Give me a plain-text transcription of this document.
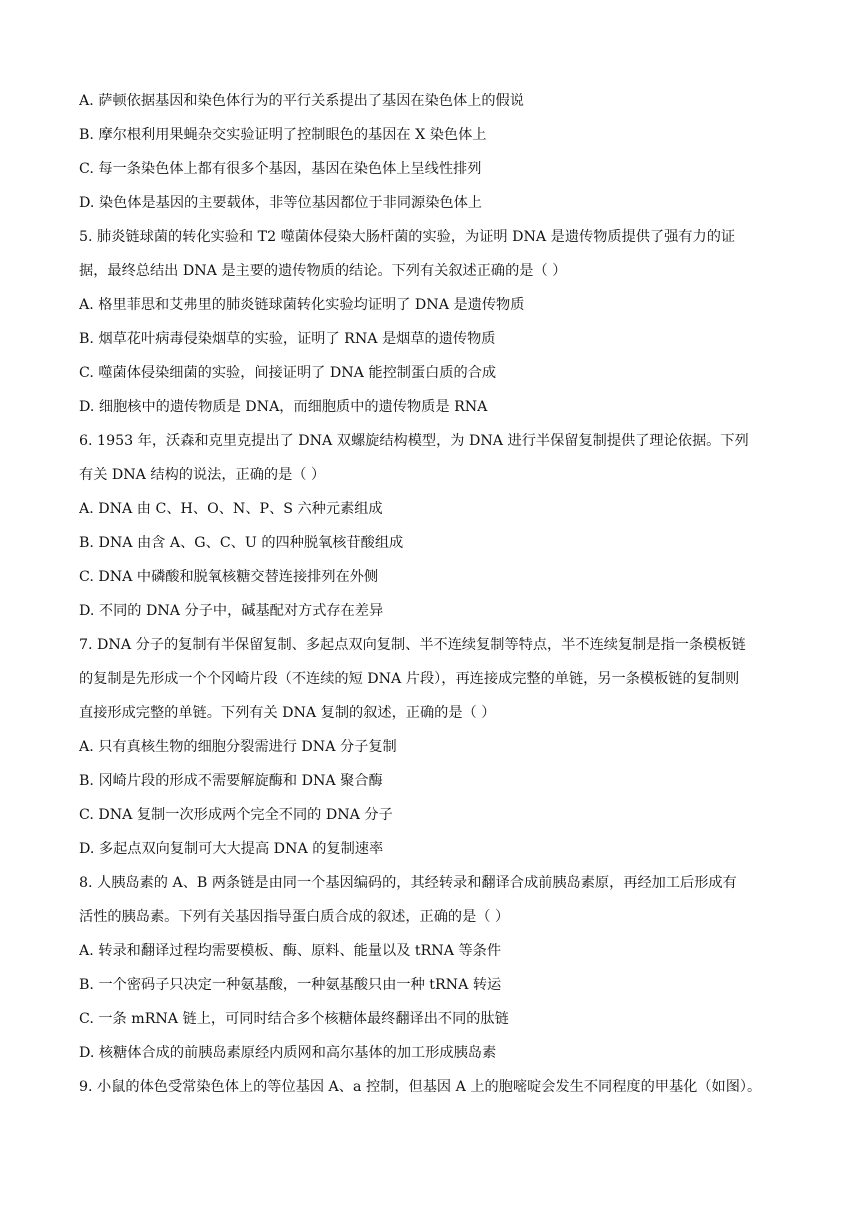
A. 萨顿依据基因和染色体行为的平行关系提出了基因在染色体上的假说
B. 摩尔根利用果蝇杂交实验证明了控制眼色的基因在 X 染色体上
C. 每一条染色体上都有很多个基因，基因在染色体上呈线性排列
D. 染色体是基因的主要载体，非等位基因都位于非同源染色体上
5. 肺炎链球菌的转化实验和 T2 噬菌体侵染大肠杆菌的实验，为证明 DNA 是遗传物质提供了强有力的证
据，最终总结出 DNA 是主要的遗传物质的结论。下列有关叙述正确的是（ ）
A. 格里菲思和艾弗里的肺炎链球菌转化实验均证明了 DNA 是遗传物质
B. 烟草花叶病毒侵染烟草的实验，证明了 RNA 是烟草的遗传物质
C. 噬菌体侵染细菌的实验，间接证明了 DNA 能控制蛋白质的合成
D. 细胞核中的遗传物质是 DNA，而细胞质中的遗传物质是 RNA
6. 1953 年，沃森和克里克提出了 DNA 双螺旋结构模型，为 DNA 进行半保留复制提供了理论依据。下列
有关 DNA 结构的说法，正确的是（ ）
A. DNA 由 C、H、O、N、P、S 六种元素组成
B. DNA 由含 A、G、C、U 的四种脱氧核苷酸组成
C. DNA 中磷酸和脱氧核糖交替连接排列在外侧
D. 不同的 DNA 分子中，碱基配对方式存在差异
7. DNA 分子的复制有半保留复制、多起点双向复制、半不连续复制等特点，半不连续复制是指一条模板链
的复制是先形成一个个冈崎片段（不连续的短 DNA 片段），再连接成完整的单链，另一条模板链的复制则
直接形成完整的单链。下列有关 DNA 复制的叙述，正确的是（ ）
A. 只有真核生物的细胞分裂需进行 DNA 分子复制
B. 冈崎片段的形成不需要解旋酶和 DNA 聚合酶
C. DNA 复制一次形成两个完全不同的 DNA 分子
D. 多起点双向复制可大大提高 DNA 的复制速率
8. 人胰岛素的 A、B 两条链是由同一个基因编码的，其经转录和翻译合成前胰岛素原，再经加工后形成有
活性的胰岛素。下列有关基因指导蛋白质合成的叙述，正确的是（ ）
A. 转录和翻译过程均需要模板、酶、原料、能量以及 tRNA 等条件
B. 一个密码子只决定一种氨基酸，一种氨基酸只由一种 tRNA 转运
C. 一条 mRNA 链上，可同时结合多个核糖体最终翻译出不同的肽链
D. 核糖体合成的前胰岛素原经内质网和高尔基体的加工形成胰岛素
9. 小鼠的体色受常染色体上的等位基因 A、a 控制，但基因 A 上的胞嘧啶会发生不同程度的甲基化（如图）。
